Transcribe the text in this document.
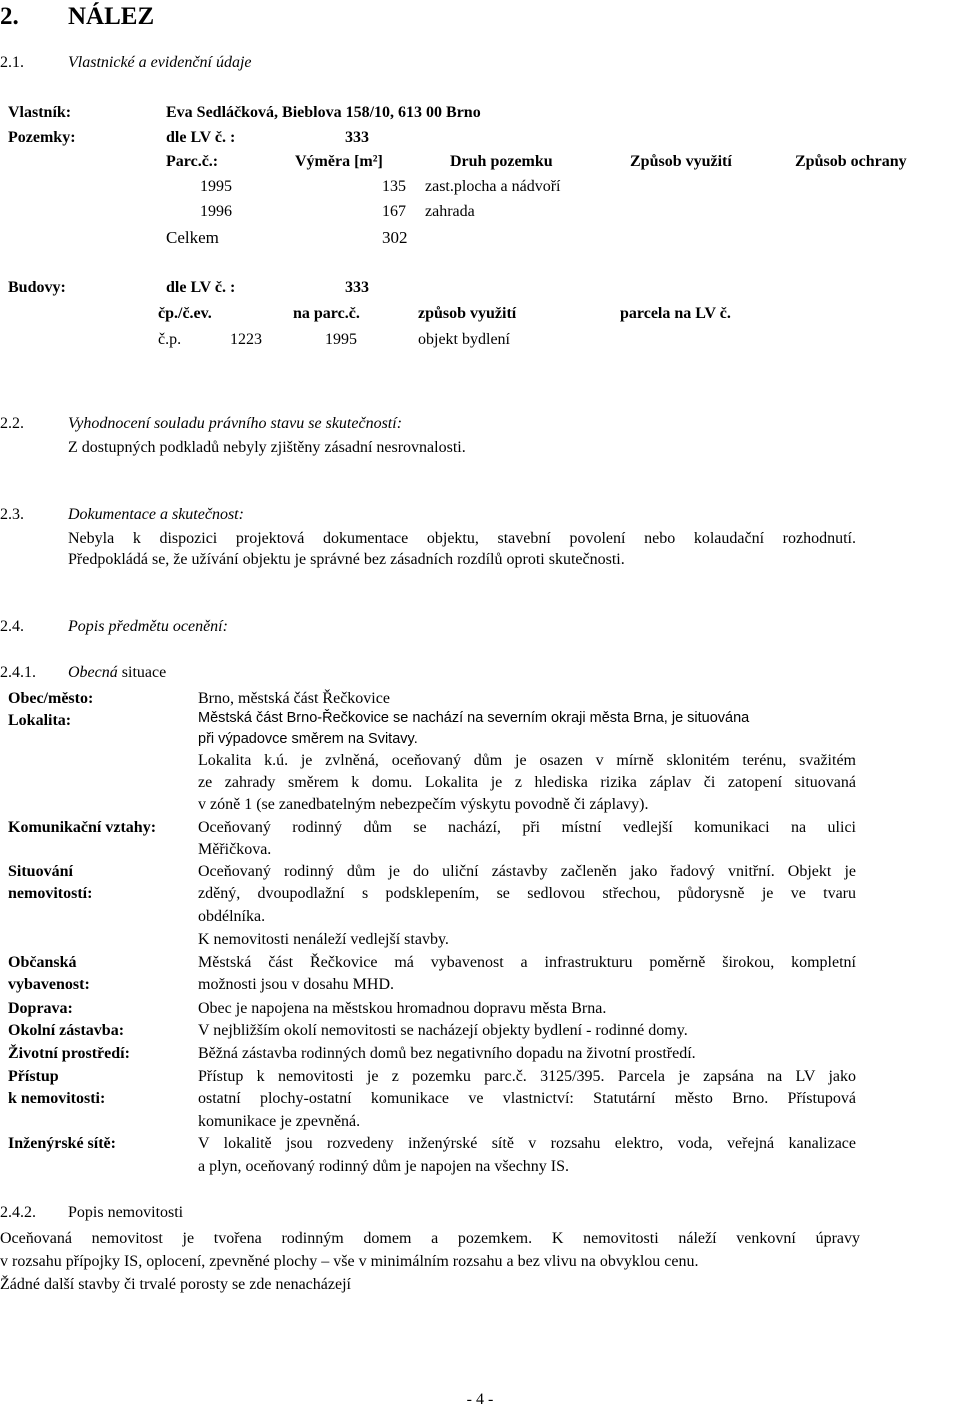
2. NÁLEZ
2.1.	Vlastnické a evidenční údaje
Vlastník:	Eva Sedláčková, Bieblova 158/10, 613 00 Brno
Pozemky:	dle LV č. :	333
Parc.č.:	Výměra [m²]	Druh pozemku	Způsob využití	Způsob ochrany
1995	135 zast.plocha a nádvoří
1996	167 zahrada
Celkem	302
Budovy:	dle LV č. :	333
čp./č.ev.	na parc.č.	způsob využití	parcela na LV č.
č.p.	1223	1995	objekt bydlení
2.2.	Vyhodnocení souladu právního stavu se skutečností:
Z dostupných podkladů nebyly zjištěny zásadní nesrovnalosti.
2.3.	Dokumentace a skutečnost:
Nebyla k dispozici projektová dokumentace objektu, stavební povolení nebo kolaudační rozhodnutí.
Předpokládá se, že užívání objektu je správné bez zásadních rozdílů oproti skutečnosti.
2.4.	Popis předmětu ocenění:
2.4.1. Obecná situace
Obec/město:	Brno, městská část Řečkovice
Lokalita:	Městská část Brno-Řečkovice se nachází na severním okraji města Brna, je situována
při výpadovce směrem na Svitavy.
Lokalita k.ú. je zvlněná, oceňovaný dům je osazen v mírně sklonitém terénu, svažitém
ze zahrady směrem k domu. Lokalita je z hlediska rizika záplav či zatopení situovaná
v zóně 1 (se zanedbatelným nebezpečím výskytu povodně či záplavy).
Komunikační vztahy:	Oceňovaný rodinný dům se nachází, při místní vedlejší komunikaci na ulici
Měřičkova.
Situování
nemovitostí:
Oceňovaný rodinný dům je do uliční zástavby začleněn jako řadový vnitřní. Objekt je
zděný, dvoupodlažní s podsklepením, se sedlovou střechou, půdorysně je ve tvaru
obdélníka.
K nemovitosti nenáleží vedlejší stavby.
Občanská
vybavenost:
Městská část Řečkovice má vybavenost a infrastrukturu poměrně širokou, kompletní
možnosti jsou v dosahu MHD.
Doprava:	Obec je napojena na městskou hromadnou dopravu města Brna.
Okolní zástavba:	V nejbližším okolí nemovitosti se nacházejí objekty bydlení - rodinné domy.
Životní prostředí:	Běžná zástavba rodinných domů bez negativního dopadu na životní prostředí.
Přístup
k nemovitosti:
Přístup k nemovitosti je z pozemku parc.č. 3125/395. Parcela je zapsána na LV jako
ostatní plochy-ostatní komunikace ve vlastnictví: Statutární město Brno. Přístupová
komunikace je zpevněná.
Inženýrské sítě:	V lokalitě jsou rozvedeny inženýrské sítě v rozsahu elektro, voda, veřejná kanalizace
a plyn, oceňovaný rodinný dům je napojen na všechny IS.
2.4.2. Popis nemovitosti
Oceňovaná nemovitost je tvořena rodinným domem a pozemkem. K nemovitosti náleží venkovní úpravy
v rozsahu přípojky IS, oplocení, zpevněné plochy – vše v minimálním rozsahu a bez vlivu na obvyklou cenu.
Žádné další stavby či trvalé porosty se zde nenacházejí
- 4 -
